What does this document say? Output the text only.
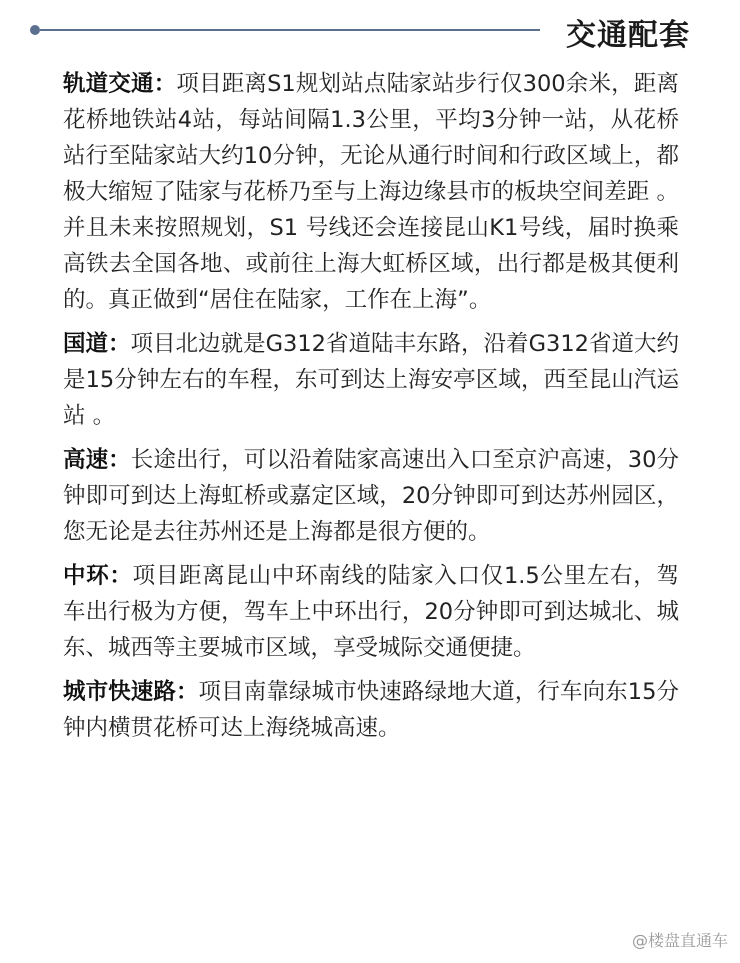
交通配套

轨道交通：项目距离S1规划站点陆家站步行仅300余米，距离花桥地铁站4站，每站间隔1.3公里，平均3分钟一站，从花桥站行至陆家站大约10分钟，无论从通行时间和行政区域上，都极大缩短了陆家与花桥乃至与上海边缘县市的板块空间差距 。并且未来按照规划，S1 号线还会连接昆山K1号线，届时换乘高铁去全国各地、或前往上海大虹桥区域，出行都是极其便利的。真正做到“居住在陆家，工作在上海”。

国道：项目北边就是G312省道陆丰东路，沿着G312省道大约是15分钟左右的车程，东可到达上海安亭区域，西至昆山汽运站 。

高速：长途出行，可以沿着陆家高速出入口至京沪高速，30分钟即可到达上海虹桥或嘉定区域，20分钟即可到达苏州园区，您无论是去往苏州还是上海都是很方便的。

中环：项目距离昆山中环南线的陆家入口仅1.5公里左右，驾车出行极为方便，驾车上中环出行，20分钟即可到达城北、城东、城西等主要城市区域，享受城际交通便捷。

城市快速路：项目南靠绿城市快速路绿地大道，行车向东15分钟内横贯花桥可达上海绕城高速。

@楼盘直通车
